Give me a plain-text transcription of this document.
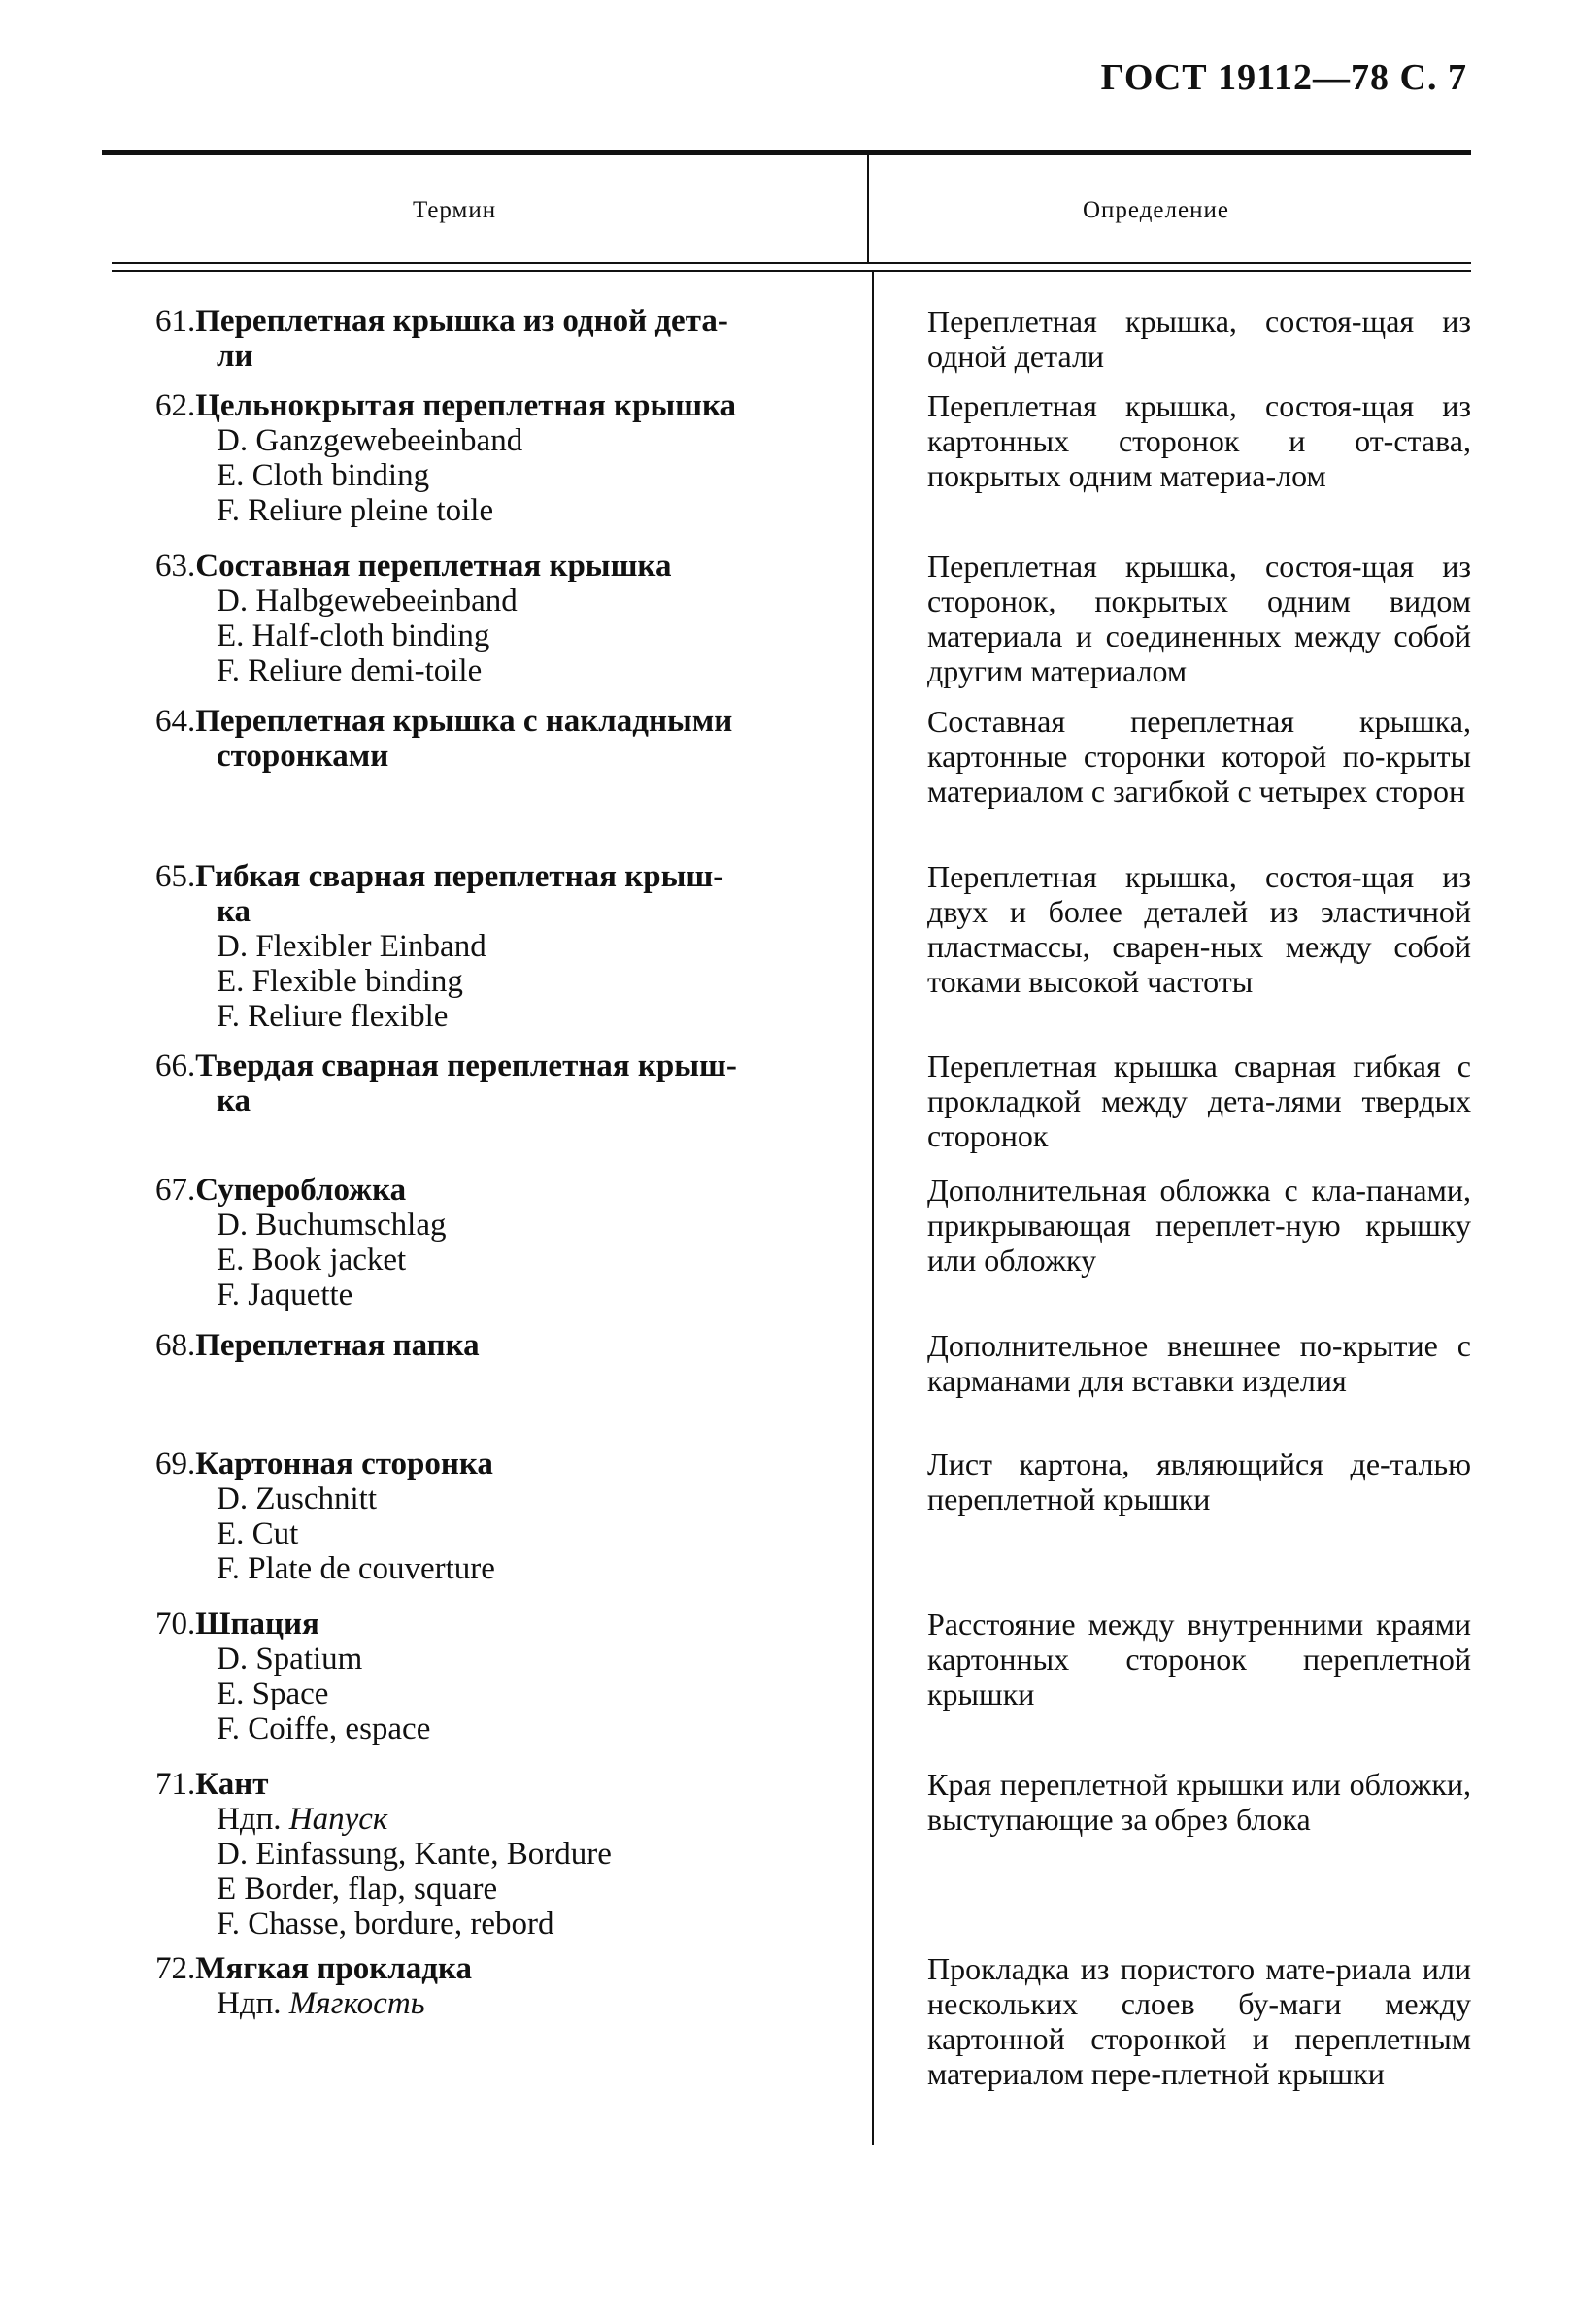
ГОСТ 19112—78 С. 7
Термин	Определение
61.Переплетная крышка из одной дета-
ли
Переплетная крышка, состоя-щая из одной детали
62.Цельнокрытая переплетная крышка
D. Ganzgewebeeinband
E. Cloth binding
F. Reliure pleine toile
Переплетная крышка, состоя-щая из картонных сторонок и от-става, покрытых одним материа-лом
63.Составная переплетная крышка
D. Halbgewebeeinband
E. Half-cloth binding
F. Reliure demi-toile
Переплетная крышка, состоя-щая из сторонок, покрытых одним видом материала и соединенных между собой другим материалом
64.Переплетная крышка с накладными
сторонками
Составная переплетная крышка, картонные сторонки которой по-крыты материалом с загибкой с четырех сторон
65.Гибкая сварная переплетная крыш-
ка
D. Flexibler Einband
E. Flexible binding
F. Reliure flexible
Переплетная крышка, состоя-щая из двух и более деталей из эластичной пластмассы, сварен-ных между собой токами высокой частоты
66.Твердая сварная переплетная крыш-
ка
Переплетная крышка сварная гибкая с прокладкой между дета-лями твердых сторонок
67.Суперобложка
D. Buchumschlag
E. Book jacket
F. Jaquette
Дополнительная обложка с кла-панами, прикрывающая переплет-ную крышку или обложку
68.Переплетная папка	Дополнительное внешнее по-крытие с карманами для вставки изделия
69.Картонная сторонка
D. Zuschnitt
E. Cut
F. Plate de couverture
Лист картона, являющийся де-талью переплетной крышки
70.Шпация
D. Spatium
E. Space
F. Coiffe, espace
Расстояние между внутренними краями картонных сторонок переплетной крышки
71.Кант
Ндп. Напуск
D. Einfassung, Kante, Bordure
E Border, flap, square
F. Chasse, bordure, rebord
Края переплетной крышки или обложки, выступающие за обрез блока
72.Мягкая прокладка
Ндп. Мягкость
Прокладка из пористого мате-риала или нескольких слоев бу-маги между картонной сторонкой и переплетным материалом пере-плетной крышки
